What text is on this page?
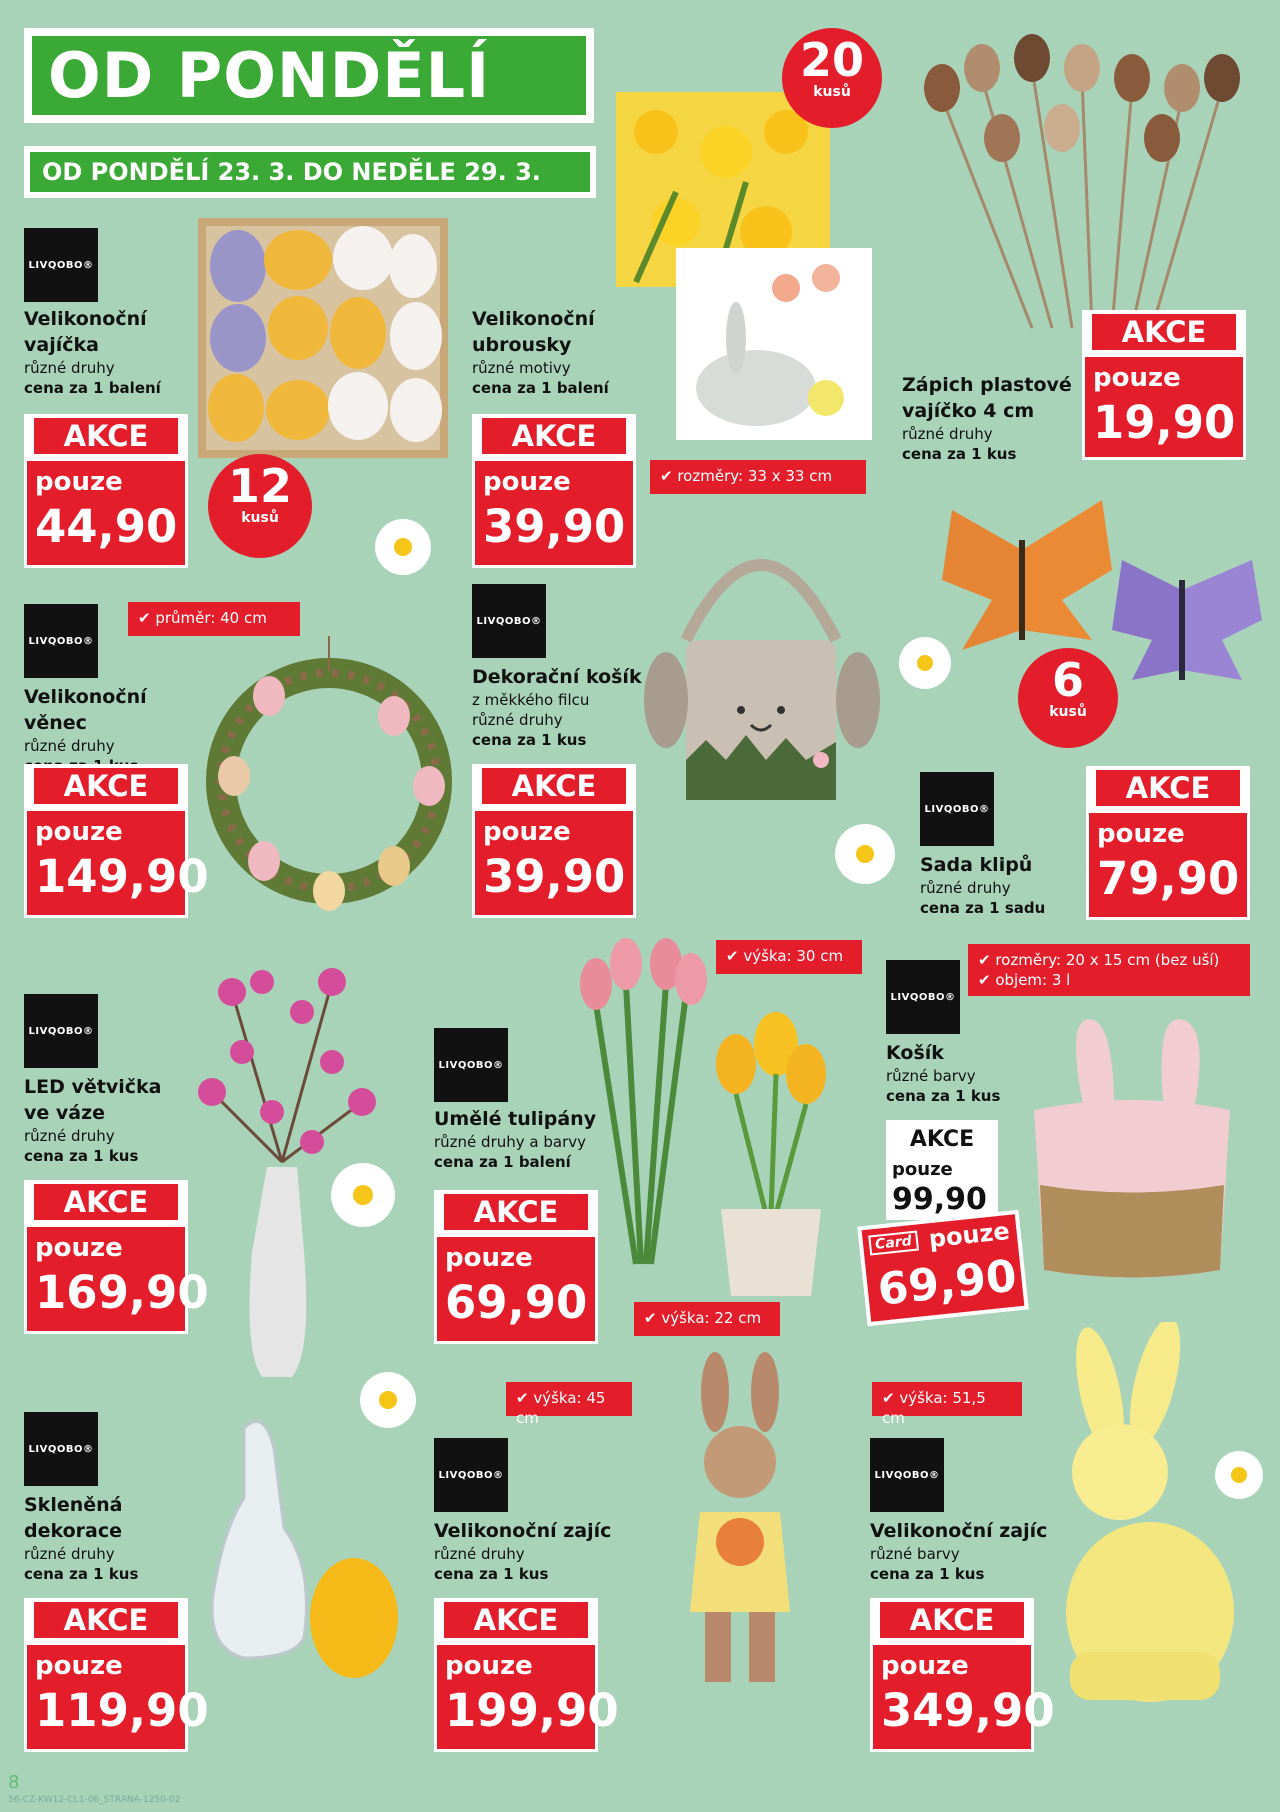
OD PONDĚLÍ
OD PONDĚLÍ 23. 3. DO NEDĚLE 29. 3.
LIVQOBO®
Velikonoční
vajíčka
různé druhy
cena za 1 balení
AKCE
pouze
44,90
12
kusů
Velikonoční
ubrousky
různé motivy
cena za 1 balení
AKCE
pouze
39,90
20
kusů
✔ rozměry: 33 x 33 cm
Zápich plastové
vajíčko 4 cm
různé druhy
cena za 1 kus
AKCE
pouze
19,90
✔ průměr: 40 cm
LIVQOBO®
Velikonoční věnec
různé druhy
AKCE
pouze
149,90
LIVQOBO®
Dekorační košík
z měkkého filcu
různé druhy
cena za 1 kus
AKCE
pouze
39,90
6
kusů
LIVQOBO®
Sada klipů
různé druhy
cena za 1 sadu
AKCE
pouze
79,90
LIVQOBO®
LED větvička
ve váze
různé druhy
cena za 1 kus
AKCE
pouze
169,90
✔ výška: 30 cm
✔ výška: 22 cm
LIVQOBO®
Umělé tulipány
různé druhy a barvy
cena za 1 balení
AKCE
pouze
69,90
✔ rozměry: 20 x 15 cm (bez uší)
✔ objem: 3 l
LIVQOBO®
Košík
různé barvy
cena za 1 kus
AKCE
pouze
99,90
Card pouze
69,90
LIVQOBO®
Skleněná
dekorace
různé druhy
cena za 1 kus
AKCE
pouze
119,90
✔ výška: 45 cm
LIVQOBO®
Velikonoční zajíc
různé druhy
cena za 1 kus
AKCE
pouze
199,90
✔ výška: 51,5 cm
LIVQOBO®
Velikonoční zajíc
různé barvy
cena za 1 kus
AKCE
pouze
349,90
8
56-CZ-KW12-CL1-06_STRANA-1250-02
